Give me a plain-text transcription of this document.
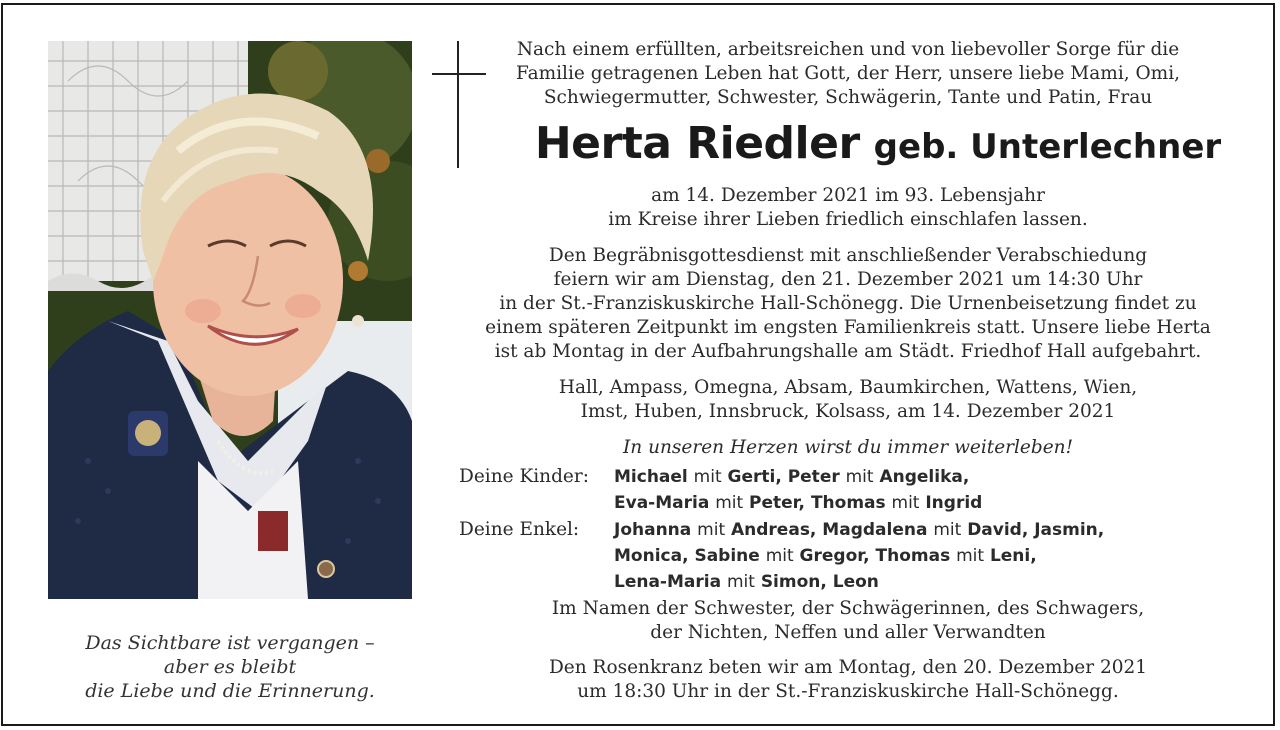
Das Sichtbare ist vergangen –
aber es bleibt
die Liebe und die Erinnerung.
Nach einem erfüllten, arbeitsreichen und von liebevoller Sorge für die
Familie getragenen Leben hat Gott, der Herr, unsere liebe Mami, Omi,
Schwiegermutter, Schwester, Schwägerin, Tante und Patin, Frau
Herta Riedler geb. Unterlechner
am 14. Dezember 2021 im 93. Lebensjahr
im Kreise ihrer Lieben friedlich einschlafen lassen.
Den Begräbnisgottesdienst mit anschließender Verabschiedung
feiern wir am Dienstag, den 21. Dezember 2021 um 14:30 Uhr
in der St.-Franziskuskirche Hall-Schönegg. Die Urnenbeisetzung findet zu
einem späteren Zeitpunkt im engsten Familienkreis statt. Unsere liebe Herta
ist ab Montag in der Aufbahrungshalle am Städt. Friedhof Hall aufgebahrt.
Hall, Ampass, Omegna, Absam, Baumkirchen, Wattens, Wien,
Imst, Huben, Innsbruck, Kolsass, am 14. Dezember 2021
In unseren Herzen wirst du immer weiterleben!
Deine Kinder: Michael mit Gerti, Peter mit Angelika,
Eva-Maria mit Peter, Thomas mit Ingrid
Deine Enkel: Johanna mit Andreas, Magdalena mit David, Jasmin,
Monica, Sabine mit Gregor, Thomas mit Leni,
Lena-Maria mit Simon, Leon
Im Namen der Schwester, der Schwägerinnen, des Schwagers,
der Nichten, Neffen und aller Verwandten
Den Rosenkranz beten wir am Montag, den 20. Dezember 2021
um 18:30 Uhr in der St.-Franziskuskirche Hall-Schönegg.
